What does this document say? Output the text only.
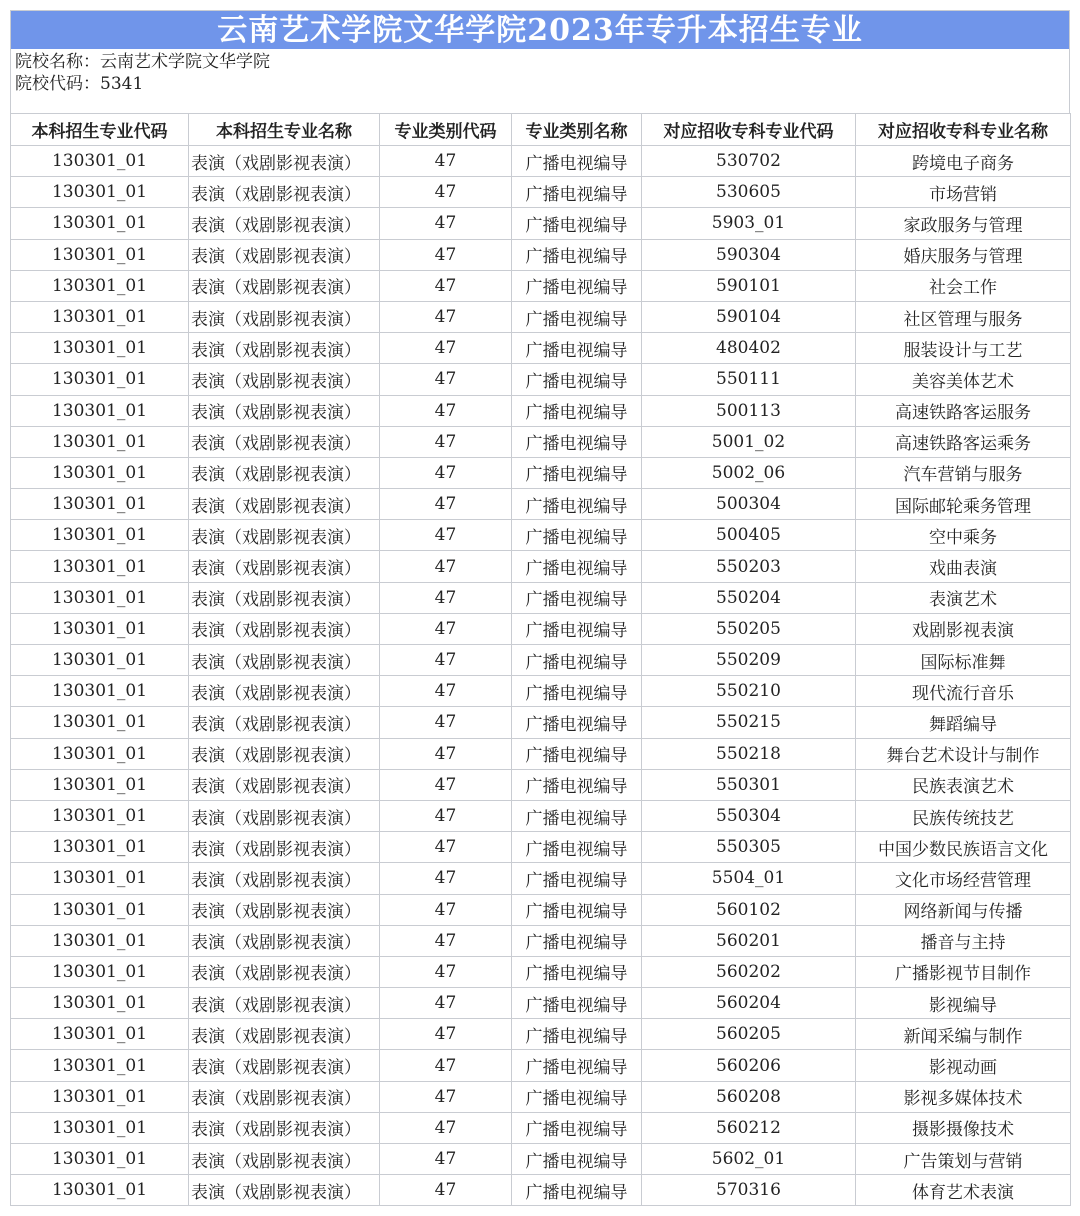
云南艺术学院文华学院2023年专升本招生专业
院校名称：云南艺术学院文华学院
院校代码：5341
本科招生专业代码	本科招生专业名称	专业类别代码	专业类别名称	对应招收专科专业代码	对应招收专科专业名称
130301_01	表演（戏剧影视表演）	47	广播电视编导	530702	跨境电子商务
130301_01	表演（戏剧影视表演）	47	广播电视编导	530605	市场营销
130301_01	表演（戏剧影视表演）	47	广播电视编导	5903_01	家政服务与管理
130301_01	表演（戏剧影视表演）	47	广播电视编导	590304	婚庆服务与管理
130301_01	表演（戏剧影视表演）	47	广播电视编导	590101	社会工作
130301_01	表演（戏剧影视表演）	47	广播电视编导	590104	社区管理与服务
130301_01	表演（戏剧影视表演）	47	广播电视编导	480402	服装设计与工艺
130301_01	表演（戏剧影视表演）	47	广播电视编导	550111	美容美体艺术
130301_01	表演（戏剧影视表演）	47	广播电视编导	500113	高速铁路客运服务
130301_01	表演（戏剧影视表演）	47	广播电视编导	5001_02	高速铁路客运乘务
130301_01	表演（戏剧影视表演）	47	广播电视编导	5002_06	汽车营销与服务
130301_01	表演（戏剧影视表演）	47	广播电视编导	500304	国际邮轮乘务管理
130301_01	表演（戏剧影视表演）	47	广播电视编导	500405	空中乘务
130301_01	表演（戏剧影视表演）	47	广播电视编导	550203	戏曲表演
130301_01	表演（戏剧影视表演）	47	广播电视编导	550204	表演艺术
130301_01	表演（戏剧影视表演）	47	广播电视编导	550205	戏剧影视表演
130301_01	表演（戏剧影视表演）	47	广播电视编导	550209	国际标准舞
130301_01	表演（戏剧影视表演）	47	广播电视编导	550210	现代流行音乐
130301_01	表演（戏剧影视表演）	47	广播电视编导	550215	舞蹈编导
130301_01	表演（戏剧影视表演）	47	广播电视编导	550218	舞台艺术设计与制作
130301_01	表演（戏剧影视表演）	47	广播电视编导	550301	民族表演艺术
130301_01	表演（戏剧影视表演）	47	广播电视编导	550304	民族传统技艺
130301_01	表演（戏剧影视表演）	47	广播电视编导	550305	中国少数民族语言文化
130301_01	表演（戏剧影视表演）	47	广播电视编导	5504_01	文化市场经营管理
130301_01	表演（戏剧影视表演）	47	广播电视编导	560102	网络新闻与传播
130301_01	表演（戏剧影视表演）	47	广播电视编导	560201	播音与主持
130301_01	表演（戏剧影视表演）	47	广播电视编导	560202	广播影视节目制作
130301_01	表演（戏剧影视表演）	47	广播电视编导	560204	影视编导
130301_01	表演（戏剧影视表演）	47	广播电视编导	560205	新闻采编与制作
130301_01	表演（戏剧影视表演）	47	广播电视编导	560206	影视动画
130301_01	表演（戏剧影视表演）	47	广播电视编导	560208	影视多媒体技术
130301_01	表演（戏剧影视表演）	47	广播电视编导	560212	摄影摄像技术
130301_01	表演（戏剧影视表演）	47	广播电视编导	5602_01	广告策划与营销
130301_01	表演（戏剧影视表演）	47	广播电视编导	570316	体育艺术表演
